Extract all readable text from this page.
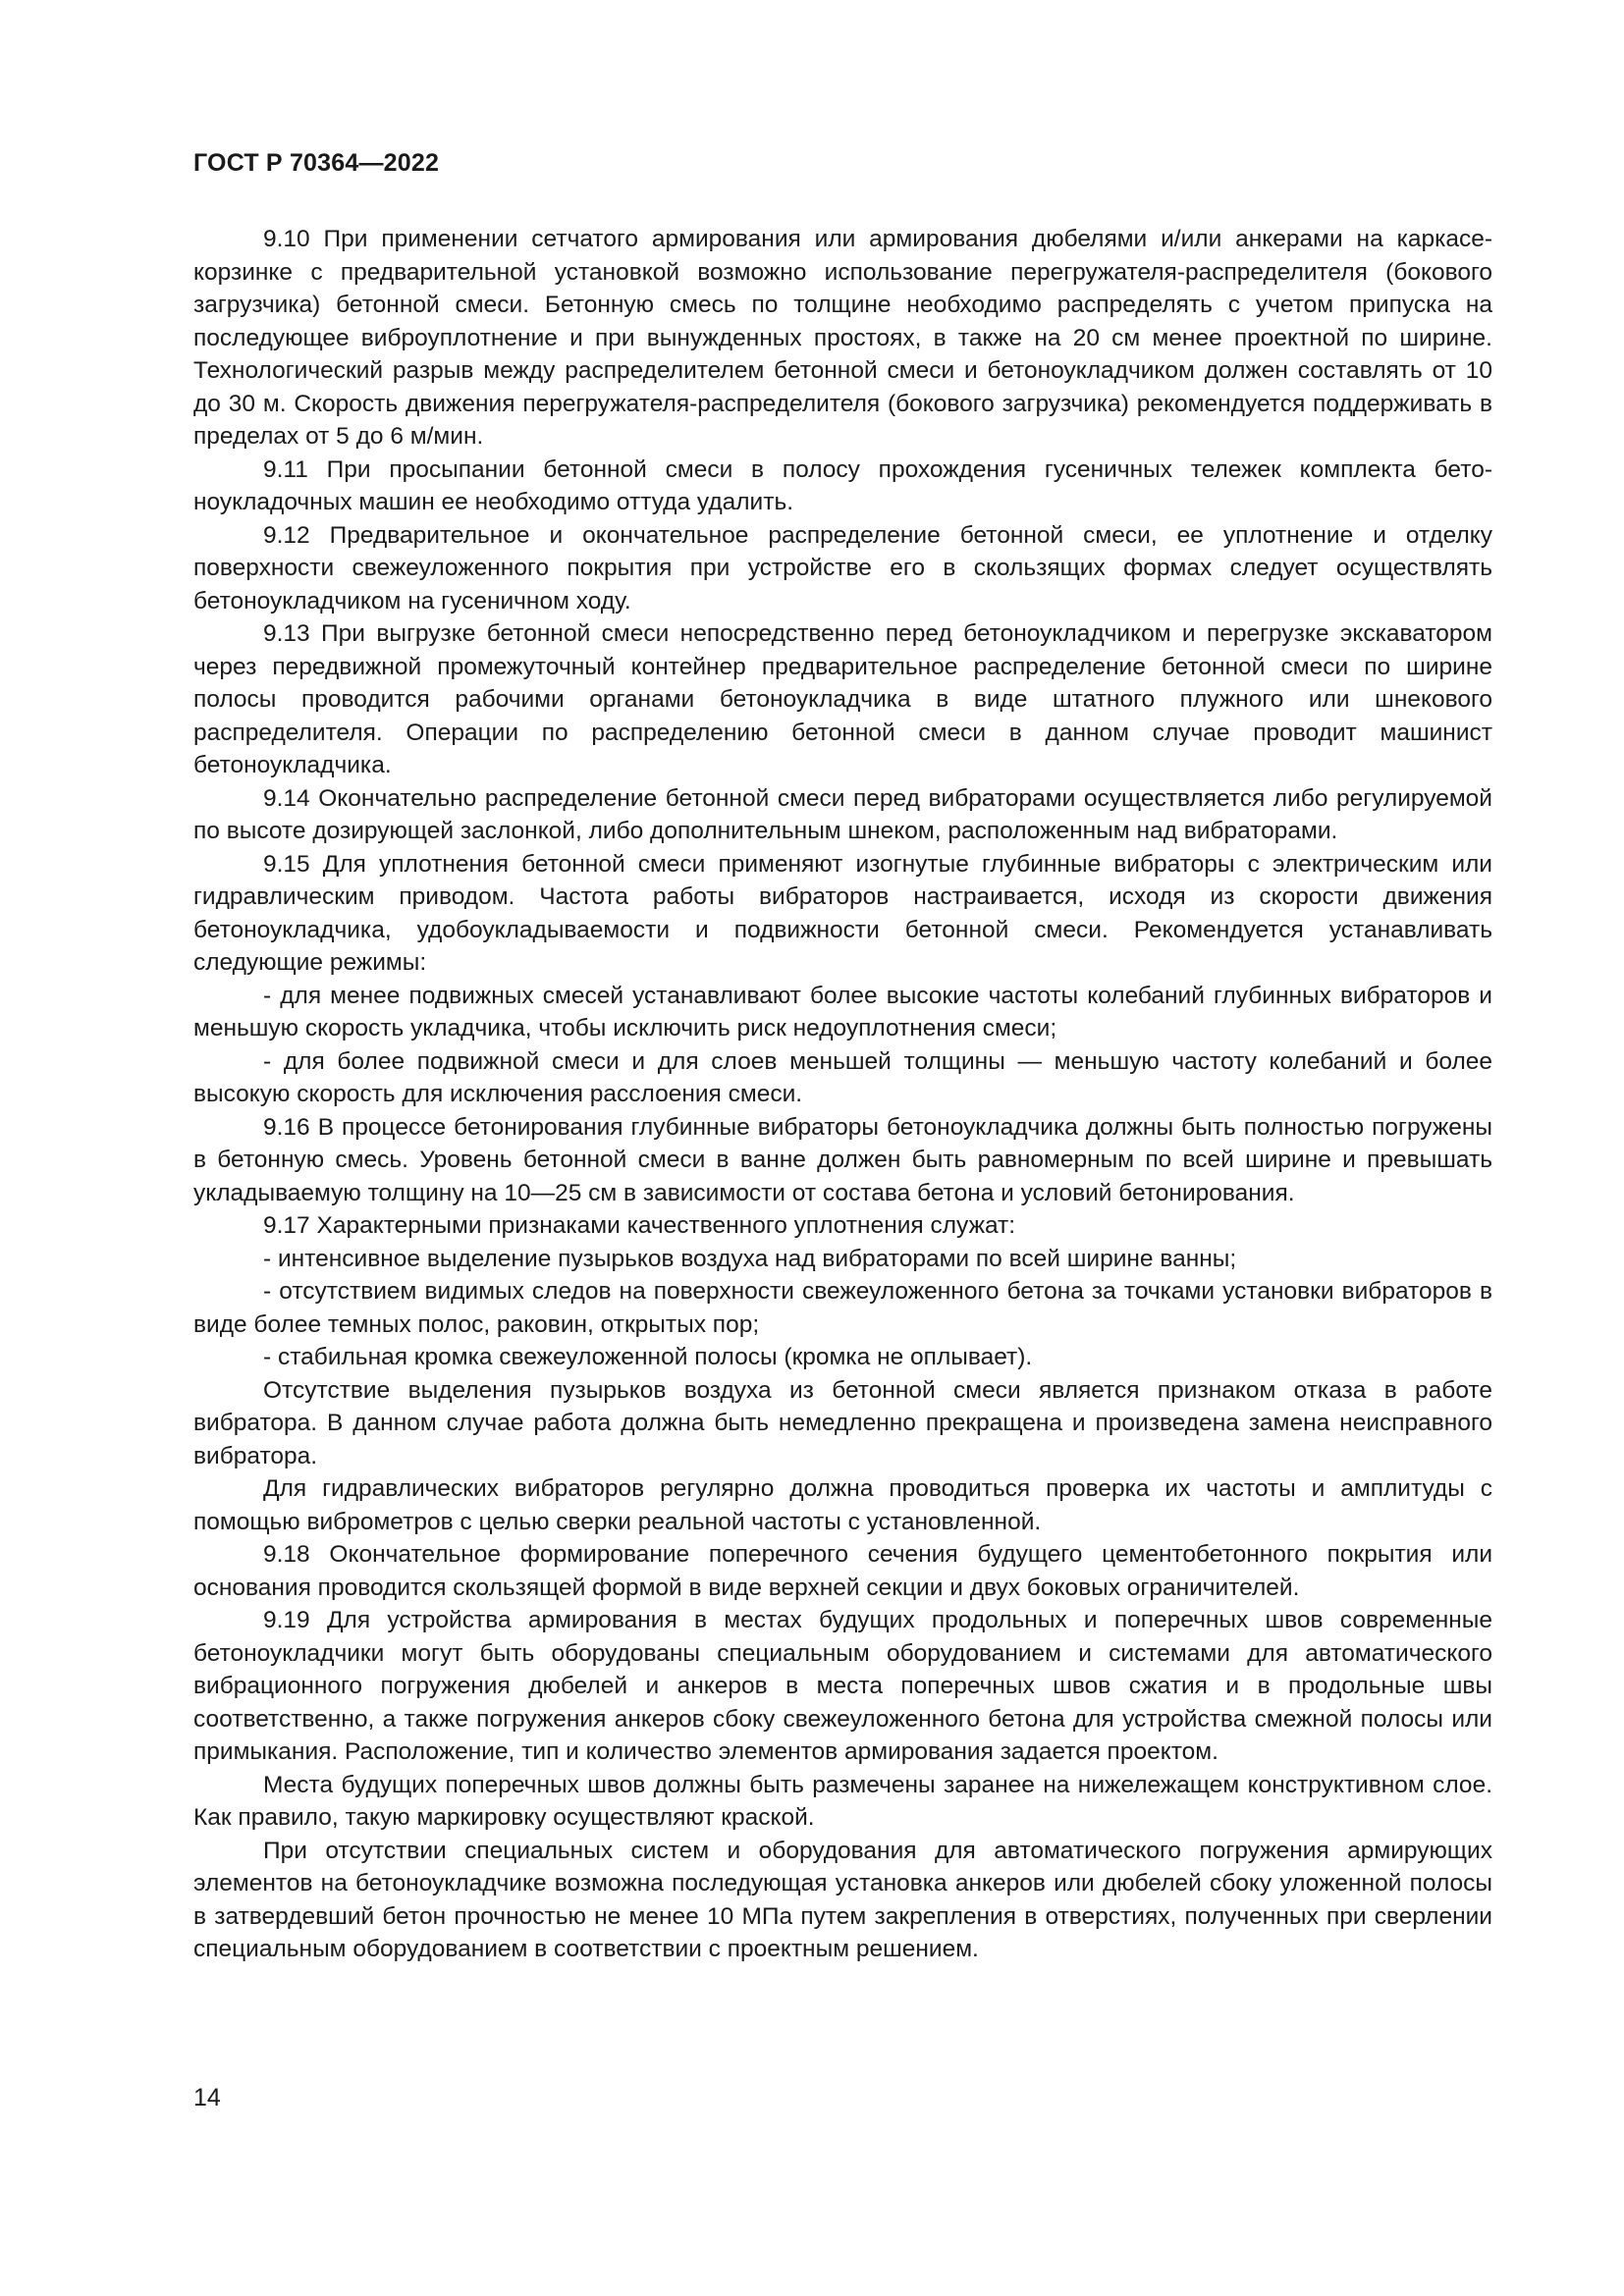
ГОСТ Р 70364—2022

9.10 При применении сетчатого армирования или армирования дюбелями и/или анкерами на каркасе-корзинке с предварительной установкой возможно использование перегружателя-распределителя (бокового загрузчика) бетонной смеси. Бетонную смесь по толщине необходимо распределять с учетом припуска на последующее виброуплотнение и при вынужденных простоях, в также на 20 см менее проектной по ширине. Технологический разрыв между распределителем бетонной смеси и бетоноукладчиком должен составлять от 10 до 30 м. Скорость движения перегружателя-распределителя (бокового загрузчика) рекомендуется поддерживать в пределах от 5 до 6 м/мин.

9.11 При просыпании бетонной смеси в полосу прохождения гусеничных тележек комплекта бетоноукладочных машин ее необходимо оттуда удалить.

9.12 Предварительное и окончательное распределение бетонной смеси, ее уплотнение и отделку поверхности свежеуложенного покрытия при устройстве его в скользящих формах следует осуществлять бетоноукладчиком на гусеничном ходу.

9.13 При выгрузке бетонной смеси непосредственно перед бетоноукладчиком и перегрузке экскаватором через передвижной промежуточный контейнер предварительное распределение бетонной смеси по ширине полосы проводится рабочими органами бетоноукладчика в виде штатного плужного или шнекового распределителя. Операции по распределению бетонной смеси в данном случае проводит машинист бетоноукладчика.

9.14 Окончательно распределение бетонной смеси перед вибраторами осуществляется либо регулируемой по высоте дозирующей заслонкой, либо дополнительным шнеком, расположенным над вибраторами.

9.15 Для уплотнения бетонной смеси применяют изогнутые глубинные вибраторы с электрическим или гидравлическим приводом. Частота работы вибраторов настраивается, исходя из скорости движения бетоноукладчика, удобоукладываемости и подвижности бетонной смеси. Рекомендуется устанавливать следующие режимы:

- для менее подвижных смесей устанавливают более высокие частоты колебаний глубинных вибраторов и меньшую скорость укладчика, чтобы исключить риск недоуплотнения смеси;

- для более подвижной смеси и для слоев меньшей толщины — меньшую частоту колебаний и более высокую скорость для исключения расслоения смеси.

9.16 В процессе бетонирования глубинные вибраторы бетоноукладчика должны быть полностью погружены в бетонную смесь. Уровень бетонной смеси в ванне должен быть равномерным по всей ширине и превышать укладываемую толщину на 10—25 см в зависимости от состава бетона и условий бетонирования.

9.17 Характерными признаками качественного уплотнения служат:

- интенсивное выделение пузырьков воздуха над вибраторами по всей ширине ванны;

- отсутствием видимых следов на поверхности свежеуложенного бетона за точками установки вибраторов в виде более темных полос, раковин, открытых пор;

- стабильная кромка свежеуложенной полосы (кромка не оплывает).

Отсутствие выделения пузырьков воздуха из бетонной смеси является признаком отказа в работе вибратора. В данном случае работа должна быть немедленно прекращена и произведена замена неисправного вибратора.

Для гидравлических вибраторов регулярно должна проводиться проверка их частоты и амплитуды с помощью виброметров с целью сверки реальной частоты с установленной.

9.18 Окончательное формирование поперечного сечения будущего цементобетонного покрытия или основания проводится скользящей формой в виде верхней секции и двух боковых ограничителей.

9.19 Для устройства армирования в местах будущих продольных и поперечных швов современные бетоноукладчики могут быть оборудованы специальным оборудованием и системами для автоматического вибрационного погружения дюбелей и анкеров в места поперечных швов сжатия и в продольные швы соответственно, а также погружения анкеров сбоку свежеуложенного бетона для устройства смежной полосы или примыкания. Расположение, тип и количество элементов армирования задается проектом.

Места будущих поперечных швов должны быть размечены заранее на нижележащем конструктивном слое. Как правило, такую маркировку осуществляют краской.

При отсутствии специальных систем и оборудования для автоматического погружения армирующих элементов на бетоноукладчике возможна последующая установка анкеров или дюбелей сбоку уложенной полосы в затвердевший бетон прочностью не менее 10 МПа путем закрепления в отверстиях, полученных при сверлении специальным оборудованием в соответствии с проектным решением.

14
